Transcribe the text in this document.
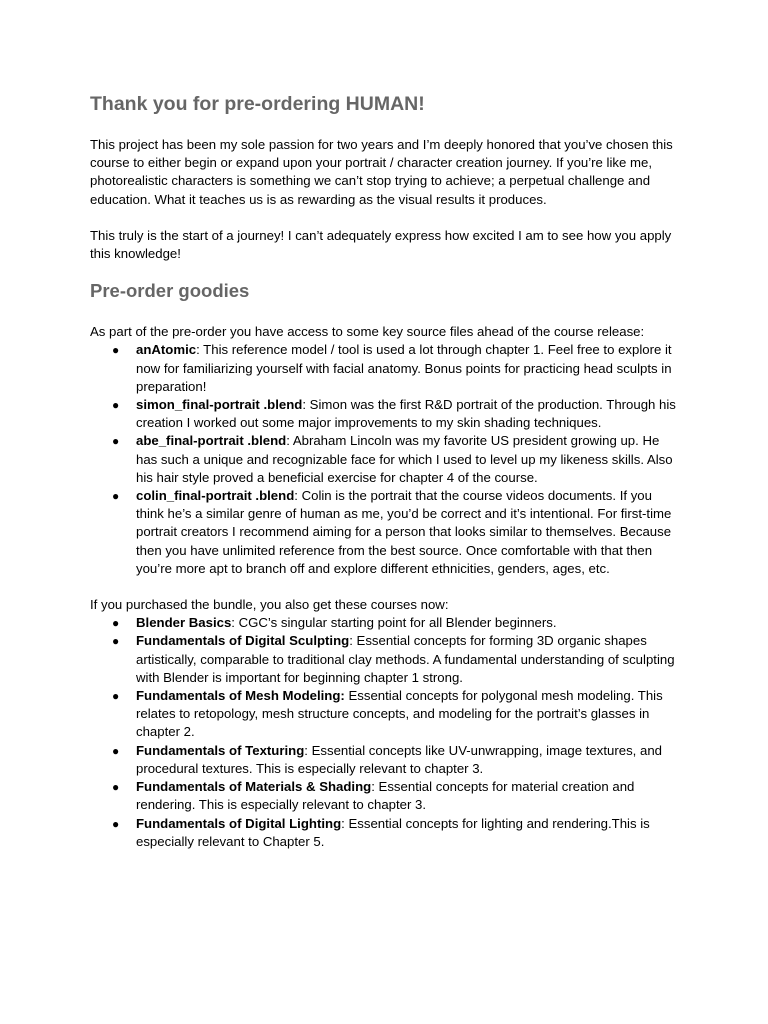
Thank you for pre-ordering HUMAN!

This project has been my sole passion for two years and I’m deeply honored that you’ve chosen this course to either begin or expand upon your portrait / character creation journey. If you’re like me, photorealistic characters is something we can’t stop trying to achieve; a perpetual challenge and education. What it teaches us is as rewarding as the visual results it produces.

This truly is the start of a journey! I can’t adequately express how excited I am to see how you apply this knowledge!

Pre-order goodies

As part of the pre-order you have access to some key source files ahead of the course release:

● anAtomic: This reference model / tool is used a lot through chapter 1. Feel free to explore it now for familiarizing yourself with facial anatomy. Bonus points for practicing head sculpts in preparation!
● simon_final-portrait .blend: Simon was the first R&D portrait of the production. Through his creation I worked out some major improvements to my skin shading techniques.
● abe_final-portrait .blend: Abraham Lincoln was my favorite US president growing up. He has such a unique and recognizable face for which I used to level up my likeness skills. Also his hair style proved a beneficial exercise for chapter 4 of the course.
● colin_final-portrait .blend: Colin is the portrait that the course videos documents. If you think he’s a similar genre of human as me, you’d be correct and it’s intentional. For first-time portrait creators I recommend aiming for a person that looks similar to themselves. Because then you have unlimited reference from the best source. Once comfortable with that then you’re more apt to branch off and explore different ethnicities, genders, ages, etc.

If you purchased the bundle, you also get these courses now:

● Blender Basics: CGC’s singular starting point for all Blender beginners.
● Fundamentals of Digital Sculpting: Essential concepts for forming 3D organic shapes artistically, comparable to traditional clay methods. A fundamental understanding of sculpting with Blender is important for beginning chapter 1 strong.
● Fundamentals of Mesh Modeling: Essential concepts for polygonal mesh modeling. This relates to retopology, mesh structure concepts, and modeling for the portrait’s glasses in chapter 2.
● Fundamentals of Texturing: Essential concepts like UV-unwrapping, image textures, and procedural textures. This is especially relevant to chapter 3.
● Fundamentals of Materials & Shading: Essential concepts for material creation and rendering. This is especially relevant to chapter 3.
● Fundamentals of Digital Lighting: Essential concepts for lighting and rendering.This is especially relevant to Chapter 5.
